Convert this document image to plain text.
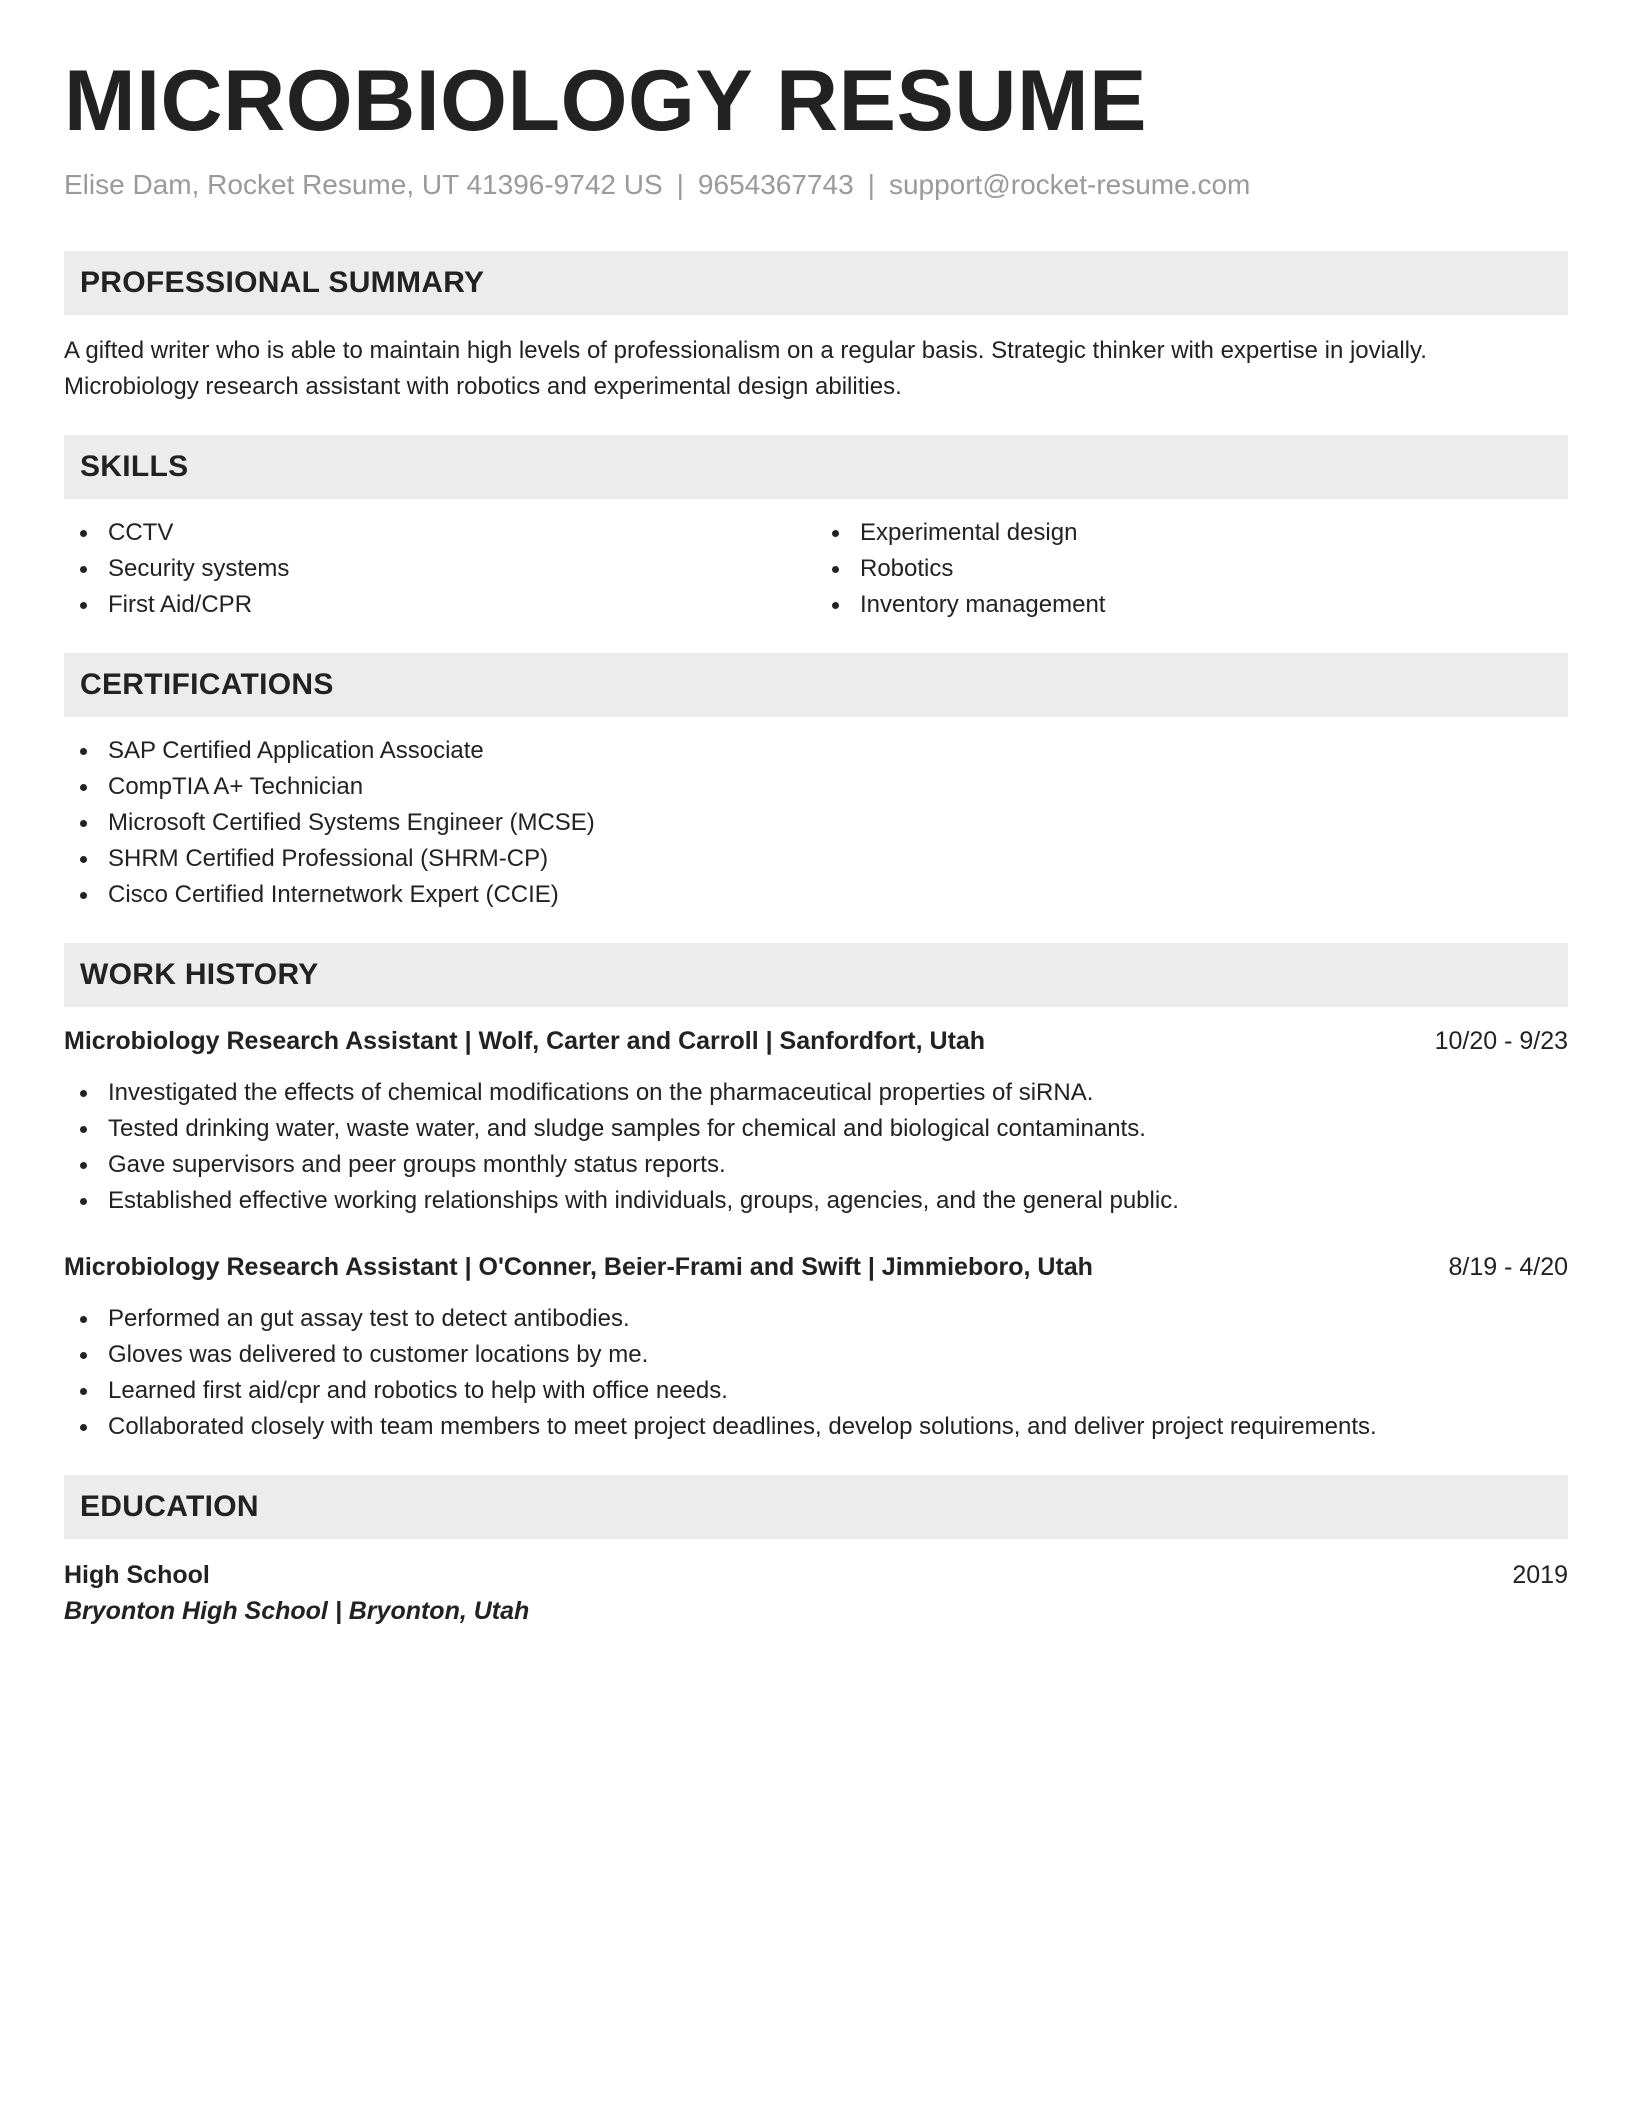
MICROBIOLOGY RESUME
Elise Dam, Rocket Resume, UT 41396-9742 US | 9654367743 | support@rocket-resume.com
PROFESSIONAL SUMMARY
A gifted writer who is able to maintain high levels of professionalism on a regular basis. Strategic thinker with expertise in jovially. Microbiology research assistant with robotics and experimental design abilities.
SKILLS
CCTV
Security systems
First Aid/CPR
Experimental design
Robotics
Inventory management
CERTIFICATIONS
SAP Certified Application Associate
CompTIA A+ Technician
Microsoft Certified Systems Engineer (MCSE)
SHRM Certified Professional (SHRM-CP)
Cisco Certified Internetwork Expert (CCIE)
WORK HISTORY
Microbiology Research Assistant | Wolf, Carter and Carroll | Sanfordfort, Utah	10/20 - 9/23
Investigated the effects of chemical modifications on the pharmaceutical properties of siRNA.
Tested drinking water, waste water, and sludge samples for chemical and biological contaminants.
Gave supervisors and peer groups monthly status reports.
Established effective working relationships with individuals, groups, agencies, and the general public.
Microbiology Research Assistant | O'Conner, Beier-Frami and Swift | Jimmieboro, Utah	8/19 - 4/20
Performed an gut assay test to detect antibodies.
Gloves was delivered to customer locations by me.
Learned first aid/cpr and robotics to help with office needs.
Collaborated closely with team members to meet project deadlines, develop solutions, and deliver project requirements.
EDUCATION
High School	2019
Bryonton High School | Bryonton, Utah
